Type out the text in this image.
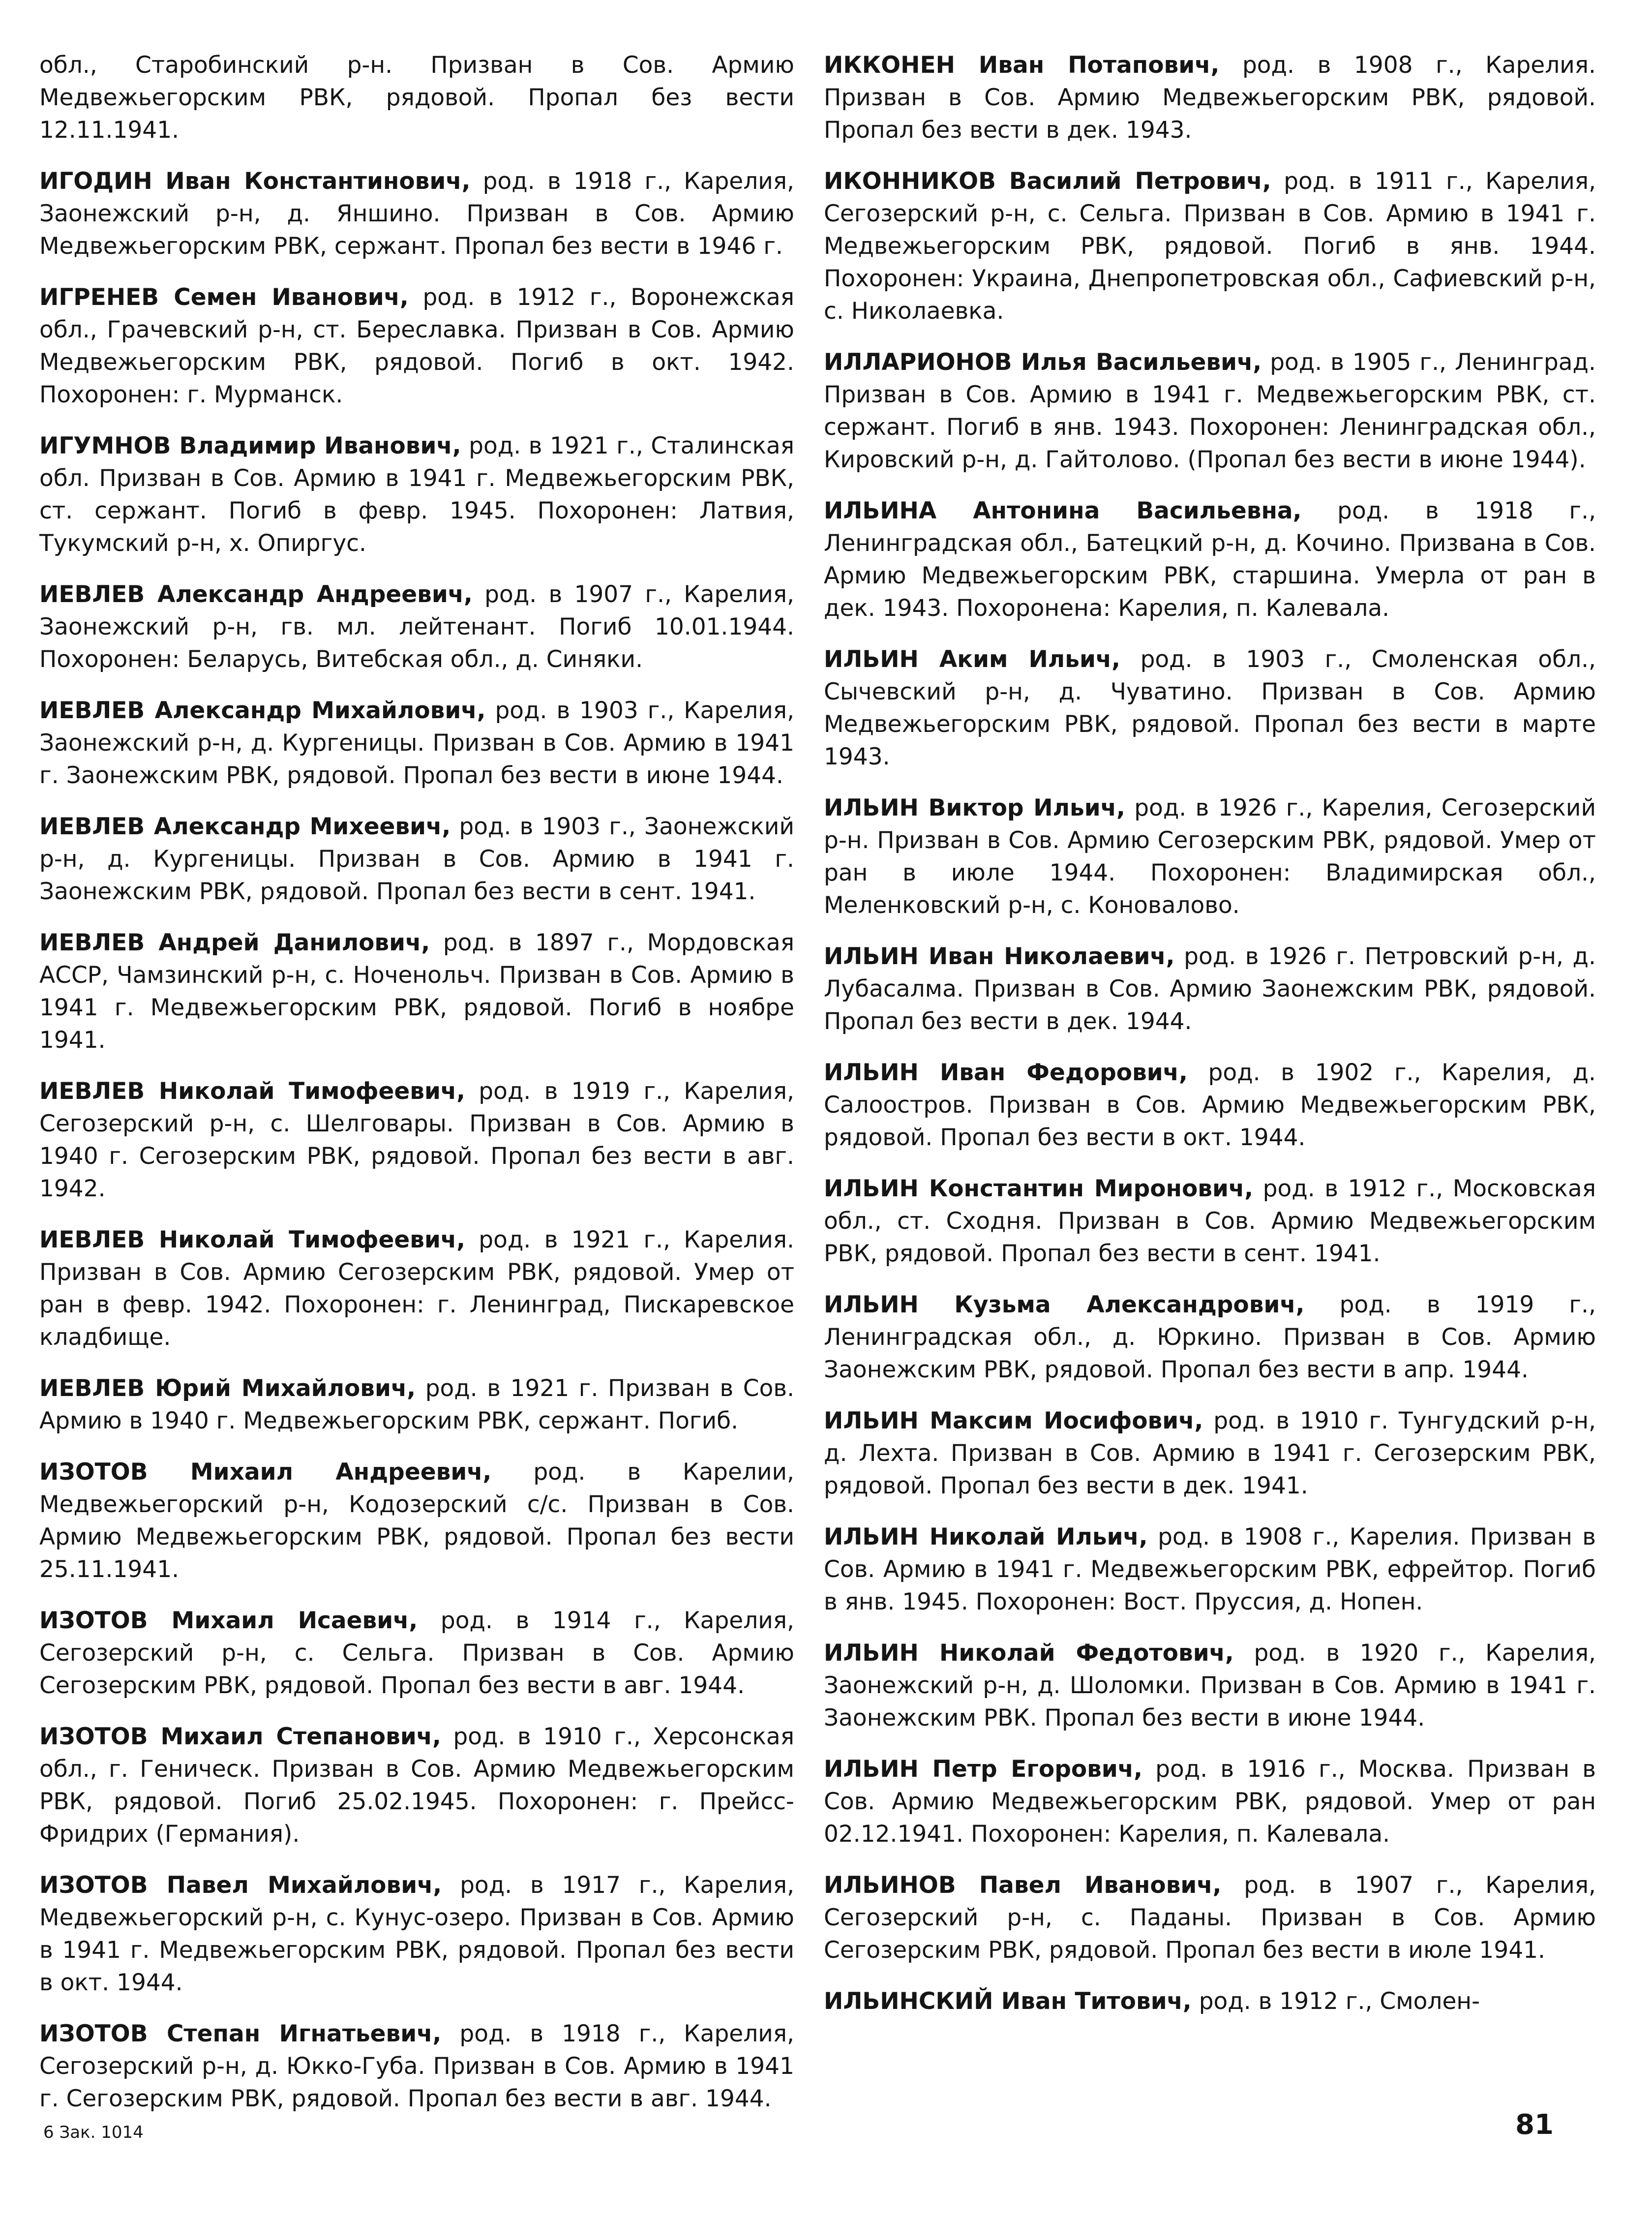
обл., Старобинский р-н. Призван в Сов. Армию Медвежьегорским РВК, рядовой. Пропал без вести 12.11.1941.

ИГОДИН Иван Константинович, род. в 1918 г., Карелия, Заонежский р-н, д. Яншино. Призван в Сов. Армию Медвежьегорским РВК, сержант. Пропал без вести в 1946 г.

ИГРЕНЕВ Семен Иванович, род. в 1912 г., Воронежская обл., Грачевский р-н, ст. Береславка. Призван в Сов. Армию Медвежьегорским РВК, рядовой. Погиб в окт. 1942. Похоронен: г. Мурманск.

ИГУМНОВ Владимир Иванович, род. в 1921 г., Сталинская обл. Призван в Сов. Армию в 1941 г. Медвежьегорским РВК, ст. сержант. Погиб в февр. 1945. Похоронен: Латвия, Тукумский р-н, х. Опиргус.

ИЕВЛЕВ Александр Андреевич, род. в 1907 г., Карелия, Заонежский р-н, гв. мл. лейтенант. Погиб 10.01.1944. Похоронен: Беларусь, Витебская обл., д. Синяки.

ИЕВЛЕВ Александр Михайлович, род. в 1903 г., Карелия, Заонежский р-н, д. Кургеницы. Призван в Сов. Армию в 1941 г. Заонежским РВК, рядовой. Пропал без вести в июне 1944.

ИЕВЛЕВ Александр Михеевич, род. в 1903 г., Заонежский р-н, д. Кургеницы. Призван в Сов. Армию в 1941 г. Заонежским РВК, рядовой. Пропал без вести в сент. 1941.

ИЕВЛЕВ Андрей Данилович, род. в 1897 г., Мордовская АССР, Чамзинский р-н, с. Ноченольч. Призван в Сов. Армию в 1941 г. Медвежьегорским РВК, рядовой. Погиб в ноябре 1941.

ИЕВЛЕВ Николай Тимофеевич, род. в 1919 г., Карелия, Сегозерский р-н, с. Шелговары. Призван в Сов. Армию в 1940 г. Сегозерским РВК, рядовой. Пропал без вести в авг. 1942.

ИЕВЛЕВ Николай Тимофеевич, род. в 1921 г., Карелия. Призван в Сов. Армию Сегозерским РВК, рядовой. Умер от ран в февр. 1942. Похоронен: г. Ленинград, Пискаревское кладбище.

ИЕВЛЕВ Юрий Михайлович, род. в 1921 г. Призван в Сов. Армию в 1940 г. Медвежьегорским РВК, сержант. Погиб.

ИЗОТОВ Михаил Андреевич, род. в Карелии, Медвежьегорский р-н, Кодозерский с/с. Призван в Сов. Армию Медвежьегорским РВК, рядовой. Пропал без вести 25.11.1941.

ИЗОТОВ Михаил Исаевич, род. в 1914 г., Карелия, Сегозерский р-н, с. Сельга. Призван в Сов. Армию Сегозерским РВК, рядовой. Пропал без вести в авг. 1944.

ИЗОТОВ Михаил Степанович, род. в 1910 г., Херсонская обл., г. Геническ. Призван в Сов. Армию Медвежьегорским РВК, рядовой. Погиб 25.02.1945. Похоронен: г. Прейсс-Фридрих (Германия).

ИЗОТОВ Павел Михайлович, род. в 1917 г., Карелия, Медвежьегорский р-н, с. Кунус-озеро. Призван в Сов. Армию в 1941 г. Медвежьегорским РВК, рядовой. Пропал без вести в окт. 1944.

ИЗОТОВ Степан Игнатьевич, род. в 1918 г., Карелия, Сегозерский р-н, д. Юкко-Губа. Призван в Сов. Армию в 1941 г. Сегозерским РВК, рядовой. Пропал без вести в авг. 1944.

ИККОНЕН Иван Потапович, род. в 1908 г., Карелия. Призван в Сов. Армию Медвежьегорским РВК, рядовой. Пропал без вести в дек. 1943.

ИКОННИКОВ Василий Петрович, род. в 1911 г., Карелия, Сегозерский р-н, с. Сельга. Призван в Сов. Армию в 1941 г. Медвежьегорским РВК, рядовой. Погиб в янв. 1944. Похоронен: Украина, Днепропетровская обл., Сафиевский р-н, с. Николаевка.

ИЛЛАРИОНОВ Илья Васильевич, род. в 1905 г., Ленинград. Призван в Сов. Армию в 1941 г. Медвежьегорским РВК, ст. сержант. Погиб в янв. 1943. Похоронен: Ленинградская обл., Кировский р-н, д. Гайтолово. (Пропал без вести в июне 1944).

ИЛЬИНА Антонина Васильевна, род. в 1918 г., Ленинградская обл., Батецкий р-н, д. Кочино. Призвана в Сов. Армию Медвежьегорским РВК, старшина. Умерла от ран в дек. 1943. Похоронена: Карелия, п. Калевала.

ИЛЬИН Аким Ильич, род. в 1903 г., Смоленская обл., Сычевский р-н, д. Чуватино. Призван в Сов. Армию Медвежьегорским РВК, рядовой. Пропал без вести в марте 1943.

ИЛЬИН Виктор Ильич, род. в 1926 г., Карелия, Сегозерский р-н. Призван в Сов. Армию Сегозерским РВК, рядовой. Умер от ран в июле 1944. Похоронен: Владимирская обл., Меленковский р-н, с. Коновалово.

ИЛЬИН Иван Николаевич, род. в 1926 г. Петровский р-н, д. Лубасалма. Призван в Сов. Армию Заонежским РВК, рядовой. Пропал без вести в дек. 1944.

ИЛЬИН Иван Федорович, род. в 1902 г., Карелия, д. Салоостров. Призван в Сов. Армию Медвежьегорским РВК, рядовой. Пропал без вести в окт. 1944.

ИЛЬИН Константин Миронович, род. в 1912 г., Московская обл., ст. Сходня. Призван в Сов. Армию Медвежьегорским РВК, рядовой. Пропал без вести в сент. 1941.

ИЛЬИН Кузьма Александрович, род. в 1919 г., Ленинградская обл., д. Юркино. Призван в Сов. Армию Заонежским РВК, рядовой. Пропал без вести в апр. 1944.

ИЛЬИН Максим Иосифович, род. в 1910 г. Тунгудский р-н, д. Лехта. Призван в Сов. Армию в 1941 г. Сегозерским РВК, рядовой. Пропал без вести в дек. 1941.

ИЛЬИН Николай Ильич, род. в 1908 г., Карелия. Призван в Сов. Армию в 1941 г. Медвежьегорским РВК, ефрейтор. Погиб в янв. 1945. Похоронен: Вост. Пруссия, д. Нопен.

ИЛЬИН Николай Федотович, род. в 1920 г., Карелия, Заонежский р-н, д. Шоломки. Призван в Сов. Армию в 1941 г. Заонежским РВК. Пропал без вести в июне 1944.

ИЛЬИН Петр Егорович, род. в 1916 г., Москва. Призван в Сов. Армию Медвежьегорским РВК, рядовой. Умер от ран 02.12.1941. Похоронен: Карелия, п. Калевала.

ИЛЬИНОВ Павел Иванович, род. в 1907 г., Карелия, Сегозерский р-н, с. Паданы. Призван в Сов. Армию Сегозерским РВК, рядовой. Пропал без вести в июле 1941.

ИЛЬИНСКИЙ Иван Титович, род. в 1912 г., Смолен-

6 Зак. 1014	81
